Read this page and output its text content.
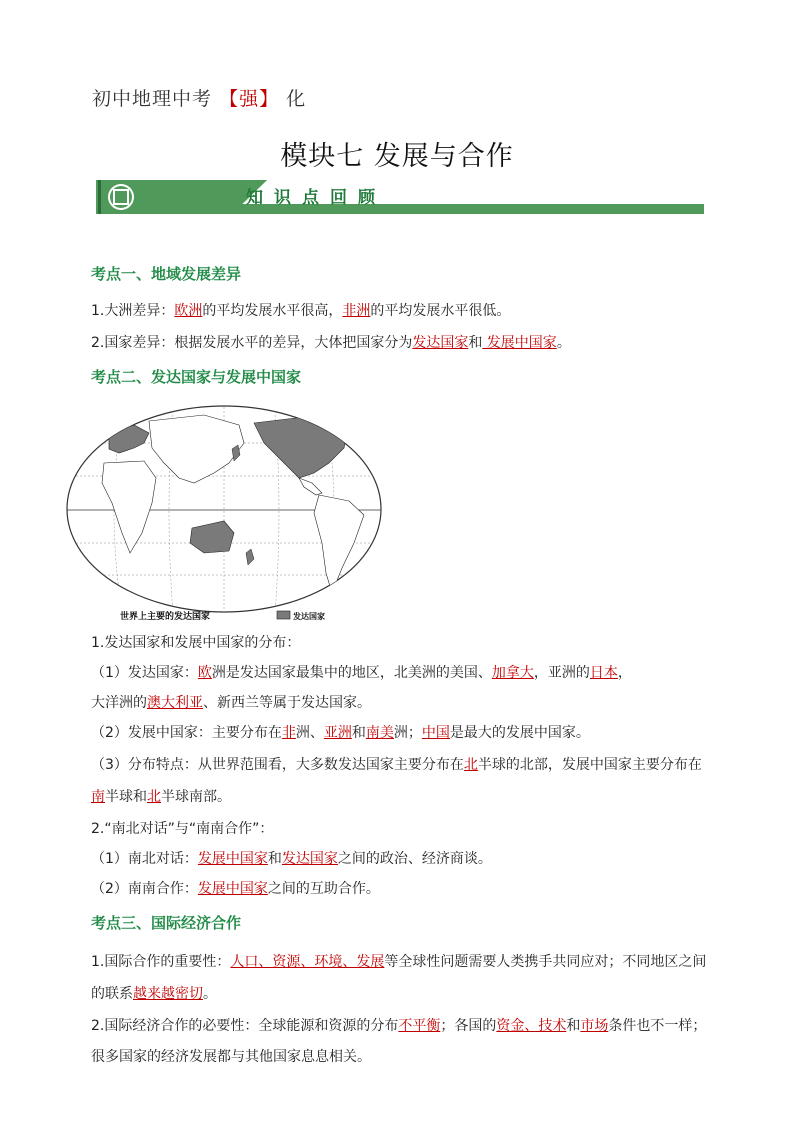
初中地理中考 【强】 化
模块七 发展与合作
知识点回顾
考点一、地域发展差异
1.大洲差异：欧洲的平均发展水平很高，非洲的平均发展水平很低。
2.国家差异：根据发展水平的差异，大体把国家分为发达国家和 发展中国家。
考点二、发达国家与发展中国家
世界上主要的发达国家	发达国家
1.发达国家和发展中国家的分布：
（1）发达国家：欧洲是发达国家最集中的地区，北美洲的美国、加拿大，亚洲的日本，
大洋洲的澳大利亚、新西兰等属于发达国家。
（2）发展中国家：主要分布在非洲、亚洲和南美洲；中国是最大的发展中国家。
（3）分布特点：从世界范围看，大多数发达国家主要分布在北半球的北部，发展中国家主要分布在
南半球和北半球南部。
2.“南北对话”与“南南合作”：
（1）南北对话：发展中国家和发达国家之间的政治、经济商谈。
（2）南南合作：发展中国家之间的互助合作。
考点三、国际经济合作
1.国际合作的重要性：人口、资源、环境、发展等全球性问题需要人类携手共同应对；不同地区之间
的联系越来越密切。
2.国际经济合作的必要性：全球能源和资源的分布不平衡；各国的资金、技术和市场条件也不一样；
很多国家的经济发展都与其他国家息息相关。
